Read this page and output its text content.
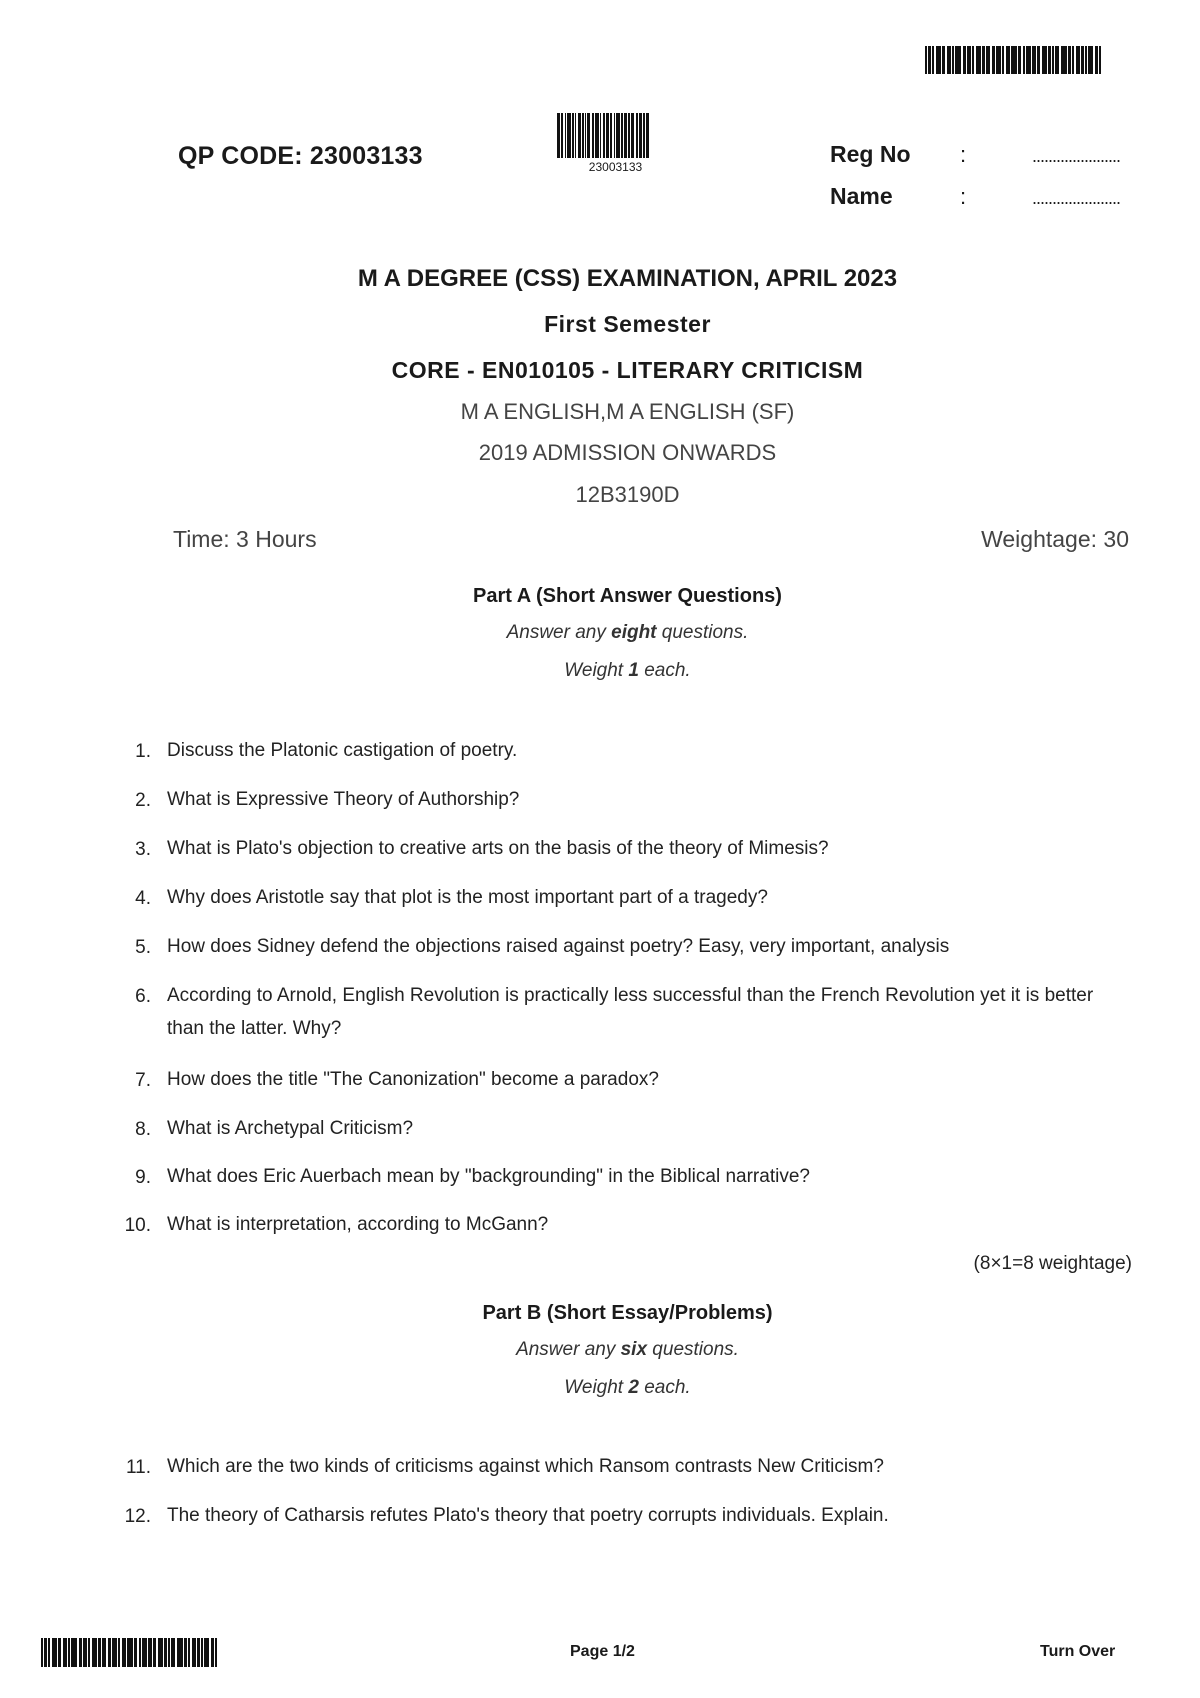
QP CODE: 23003133	23003133	Reg No :	......................
Name	:	......................
M A DEGREE (CSS) EXAMINATION, APRIL 2023
First Semester
CORE - EN010105 - LITERARY CRITICISM
M A ENGLISH,M A ENGLISH (SF)
2019 ADMISSION ONWARDS
12B3190D
Time: 3 Hours	Weightage: 30
Part A (Short Answer Questions)
Answer any eight questions.
Weight 1 each.
1. Discuss the Platonic castigation of poetry.
2. What is Expressive Theory of Authorship?
3. What is Plato's objection to creative arts on the basis of the theory of Mimesis?
4. Why does Aristotle say that plot is the most important part of a tragedy?
5. How does Sidney defend the objections raised against poetry? Easy, very important, analysis
6. According to Arnold, English Revolution is practically less successful than the French Revolution yet it is better than the latter. Why?
7. How does the title "The Canonization" become a paradox?
8. What is Archetypal Criticism?
9. What does Eric Auerbach mean by "backgrounding" in the Biblical narrative?
10. What is interpretation, according to McGann?
(8×1=8 weightage)
Part B (Short Essay/Problems)
Answer any six questions.
Weight 2 each.
11. Which are the two kinds of criticisms against which Ransom contrasts New Criticism?
12. The theory of Catharsis refutes Plato's theory that poetry corrupts individuals. Explain.
Page 1/2	Turn Over
